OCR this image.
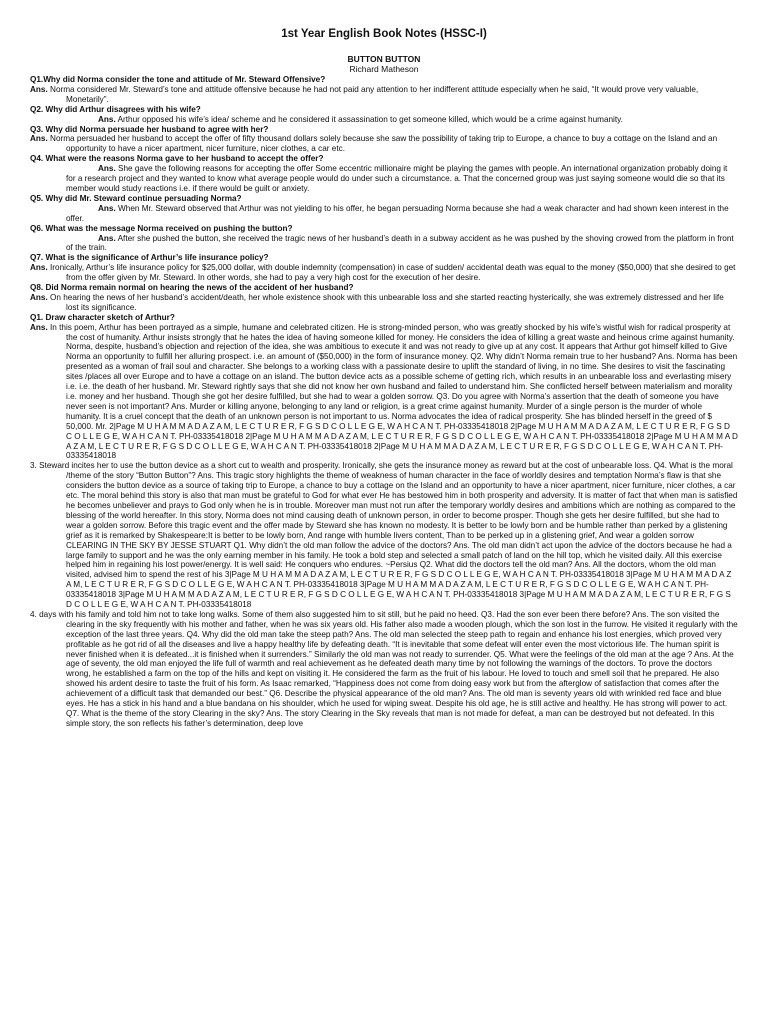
1st Year English Book Notes (HSSC-I)
BUTTON BUTTON
Richard Matheson

Q1.Why did Norma consider the tone and attitude of Mr. Steward Offensive?

Ans. Norma considered Mr. Steward’s tone and attitude offensive because he had not paid any attention to her indifferent attitude especially when he said, “It would prove very valuable, Monetarily”.

Q2. Why did Arthur disagrees with his wife?

Ans. Arthur opposed his wife’s idea/ scheme and he considered it assassination to get someone killed, which would be a crime against humanity.

Q3. Why did Norma persuade her husband to agree with her?

Ans. Norma persuaded her husband to accept the offer of fifty thousand dollars solely because she saw the possibility of taking trip to Europe, a chance to buy a cottage on the Island and an opportunity to have a nicer apartment, nicer furniture, nicer clothes, a car etc.

Q4. What were the reasons Norma gave to her husband to accept the offer?

Ans. She gave the following reasons for accepting the offer Some eccentric millionaire might be playing the games with people. An international organization probably doing it for a research project and they wanted to know what average people would do under such a circumstance. a. That the concerned group was just saying someone would die so that its member would study reactions i.e. if there would be guilt or anxiety.

Q5. Why did Mr. Steward continue persuading Norma?

Ans. When Mr. Steward observed that Arthur was not yielding to his offer, he began persuading Norma because she had a weak character and had shown keen interest in the offer.

Q6. What was the message Norma received on pushing the button?

Ans. After she pushed the button, she received the tragic news of her husband’s death in a subway accident as he was pushed by the shoving crowed from the platform in front of the train.

Q7. What is the significance of Arthur’s life insurance policy?

Ans. Ironically, Arthur’s life insurance policy for $25,000 dollar, with double indemnity (compensation) in case of sudden/ accidental death was equal to the money ($50,000) that she desired to get from the offer given by Mr. Steward. In other words, she had to pay a very high cost for the execution of her desire.

Q8. Did Norma remain normal on hearing the news of the accident of her husband?

Ans. On hearing the news of her husband’s accident/death, her whole existence shook with this unbearable loss and she started reacting hysterically, she was extremely distressed and her life lost its significance.

Q1. Draw character sketch of Arthur?

Ans. In this poem, Arthur has been portrayed as a simple, humane and celebrated citizen. He is strong-minded person, who was greatly shocked by his wife’s wistful wish for radical prosperity at the cost of humanity. Arthur insists strongly that he hates the idea of having someone killed for money. He considers the idea of killing a great waste and heinous crime against humanity. Norma, despite, husband’s objection and rejection of the idea, she was ambitious to execute it and was not ready to give up at any cost. It appears that Arthur got himself killed to Give Norma an opportunity to fulfill her alluring prospect. i.e. an amount of ($50,000) in the form of insurance money. Q2. Why didn’t Norma remain true to her husband? Ans. Norma has been presented as a woman of frail soul and character. She belongs to a working class with a passionate desire to uplift the standard of living, in no time. She desires to visit the fascinating sites /places all over Europe and to have a cottage on an island. The button device acts as a possible scheme of getting rich, which results in an unbearable loss and everlasting misery i.e. i.e. the death of her husband. Mr. Steward rightly says that she did not know her own husband and failed to understand him. She conflicted herself between materialism and morality i.e. money and her husband. Though she got her desire fulfilled, but she had to wear a golden sorrow. Q3. Do you agree with Norma’s assertion that the death of someone you have never seen is not important? Ans. Murder or killing anyone, belonging to any land or religion, is a great crime against humanity. Murder of a single person is the murder of whole humanity. It is a cruel concept that the death of an unknown person is not important to us. Norma advocates the idea of radical prosperity. She has blinded herself in the greed of $ 50,000. Mr. 2|Page M U H A M M A D A Z A M, L E C T U R E R, F G S D C O L L E G E, W A H C A N T. PH-03335418018 2|Page M U H A M M A D A Z A M, L E C T U R E R, F G S D C O L L E G E, W A H C A N T. PH-03335418018 2|Page M U H A M M A D A Z A M, L E C T U R E R, F G S D C O L L E G E, W A H C A N T. PH-03335418018 2|Page M U H A M M A D A Z A M, L E C T U R E R, F G S D C O L L E G E, W A H C A N T. PH-03335418018 2|Page M U H A M M A D A Z A M, L E C T U R E R, F G S D C O L L E G E, W A H C A N T. PH-03335418018

3. Steward incites her to use the button device as a short cut to wealth and prosperity. Ironically, she gets the insurance money as reward but at the cost of unbearable loss. Q4. What is the moral /theme of the story “Button Button”? Ans. This tragic story highlights the theme of weakness of human character in the face of worldly desires and temptation Norma’s flaw is that she considers the button device as a source of taking trip to Europe, a chance to buy a cottage on the Island and an opportunity to have a nicer apartment, nicer furniture, nicer clothes, a car etc. The moral behind this story is also that man must be grateful to God for what ever He has bestowed him in both prosperity and adversity. It is matter of fact that when man is satisfied he becomes unbeliever and prays to God only when he is in trouble. Moreover man must not run after the temporary worldly desires and ambitions which are nothing as compared to the blessing of the world hereafter. In this story, Norma does not mind causing death of unknown person, in order to become prosper. Though she gets her desire fulfilled, but she had to wear a golden sorrow. Before this tragic event and the offer made by Steward she has known no modesty. It is better to be lowly born and be humble rather than perked by a glistening grief as it is remarked by Shakespeare:It is better to be lowly born, And range with humble livers content, Than to be perked up in a glistening grief, And wear a golden sorrow CLEARING IN THE SKY BY JESSE STUART Q1. Why didn’t the old man follow the advice of the doctors? Ans. The old man didn’t act upon the advice of the doctors because he had a large family to support and he was the only earning member in his family. He took a bold step and selected a small patch of land on the hill top, which he visited daily. All this exercise helped him in regaining his lost power/energy. It is well said: He conquers who endures. ~Persius Q2. What did the doctors tell the old man? Ans. All the doctors, whom the old man visited, advised him to spend the rest of his 3|Page M U H A M M A D A Z A M, L E C T U R E R, F G S D C O L L E G E, W A H C A N T. PH-03335418018 3|Page M U H A M M A D A Z A M, L E C T U R E R, F G S D C O L L E G E, W A H C A N T. PH-03335418018 3|Page M U H A M M A D A Z A M, L E C T U R E R, F G S D C O L L E G E, W A H C A N T. PH-03335418018 3|Page M U H A M M A D A Z A M, L E C T U R E R, F G S D C O L L E G E, W A H C A N T. PH-03335418018 3|Page M U H A M M A D A Z A M, L E C T U R E R, F G S D C O L L E G E, W A H C A N T. PH-03335418018

4. days with his family and told him not to take long walks. Some of them also suggested him to sit still, but he paid no heed. Q3. Had the son ever been there before? Ans. The son visited the clearing in the sky frequently with his mother and father, when he was six years old. His father also made a wooden plough, which the son lost in the furrow. He visited it regularly with the exception of the last three years. Q4. Why did the old man take the steep path? Ans. The old man selected the steep path to regain and enhance his lost energies, which proved very profitable as he got rid of all the diseases and live a happy healthy life by defeating death. “It is inevitable that some defeat will enter even the most victorious life. The human spirit is never finished when it is defeated...it is finished when it surrenders.” Similarly the old man was not ready to surrender. Q5. What were the feelings of the old man at the age ? Ans. At the age of seventy, the old man enjoyed the life full of warmth and real achievement as he defeated death many time by not following the warnings of the doctors. To prove the doctors wrong, he established a farm on the top of the hills and kept on visiting it. He considered the farm as the fruit of his labour. He loved to touch and smell soil that he prepared. He also showed his ardent desire to taste the fruit of his form. As Isaac remarked, “Happiness does not come from doing easy work but from the afterglow of satisfaction that comes after the achievement of a difficult task that demanded our best.” Q6. Describe the physical appearance of the old man? Ans. The old man is seventy years old with wrinkled red face and blue eyes. He has a stick in his hand and a blue bandana on his shoulder, which he used for wiping sweat. Despite his old age, he is still active and healthy. He has strong will power to act. Q7. What is the theme of the story Clearing in the sky? Ans. The story Clearing in the Sky reveals that man is not made for defeat, a man can be destroyed but not defeated. In this simple story, the son reflects his father’s determination, deep love
